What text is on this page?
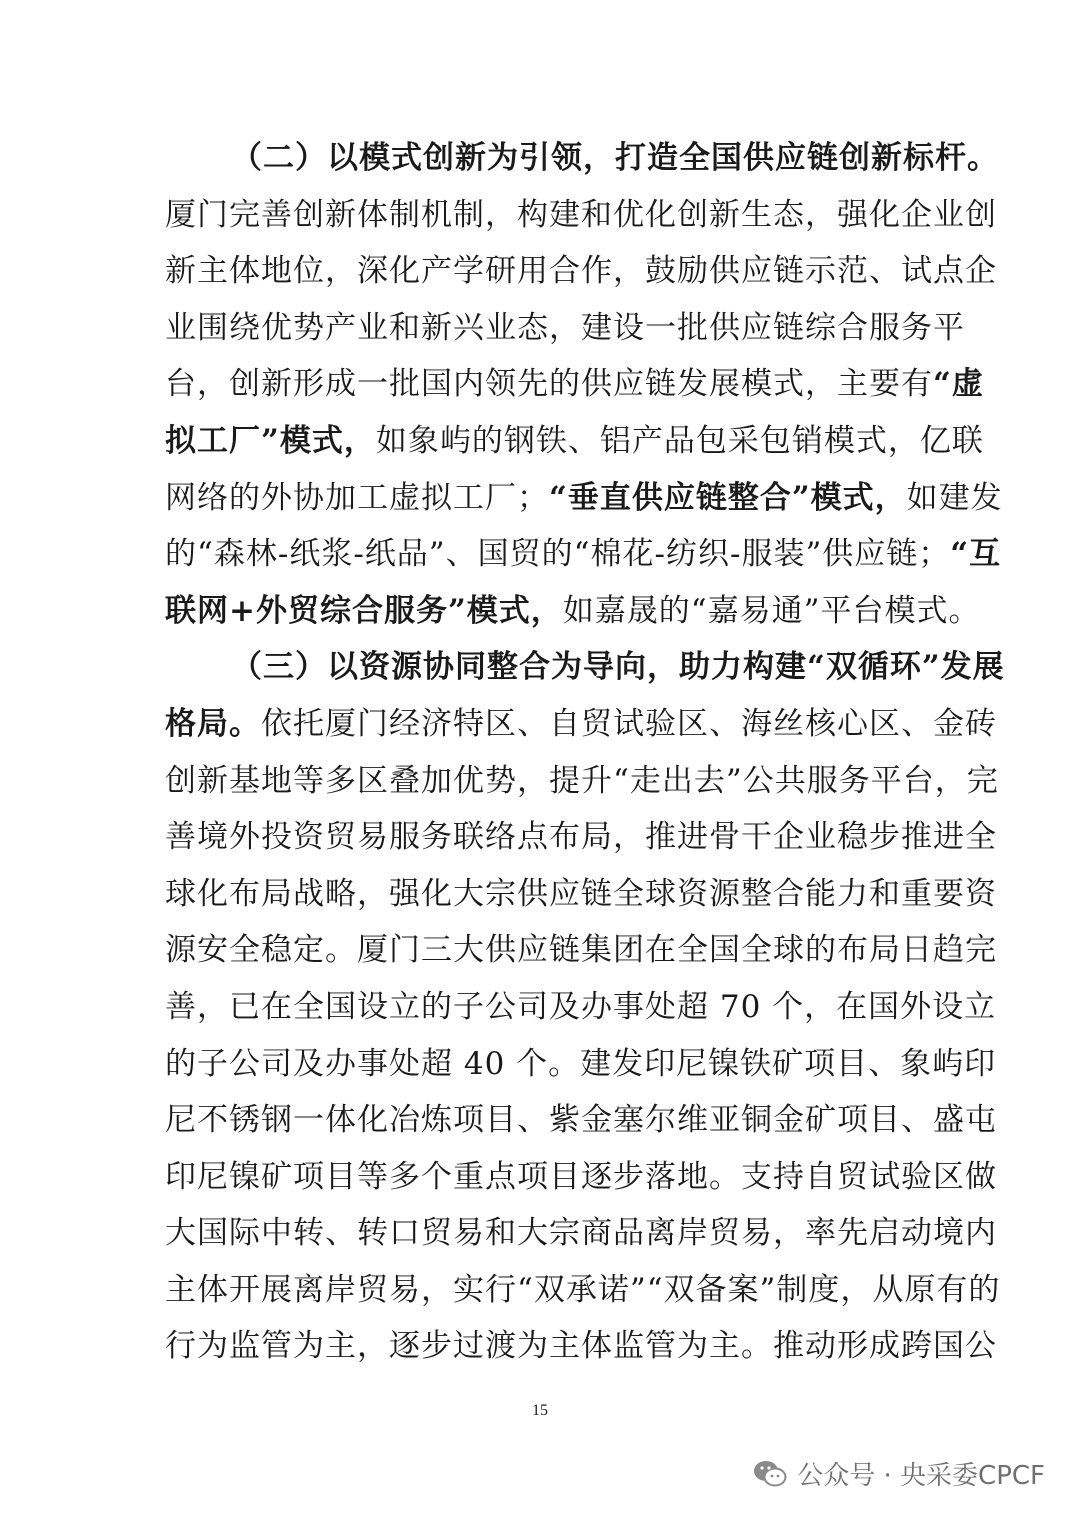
（二）以模式创新为引领，打造全国供应链创新标杆。
厦门完善创新体制机制，构建和优化创新生态，强化企业创
新主体地位，深化产学研用合作，鼓励供应链示范、试点企
业围绕优势产业和新兴业态，建设一批供应链综合服务平
台，创新形成一批国内领先的供应链发展模式，主要有“虚
拟工厂”模式，如象屿的钢铁、铝产品包采包销模式，亿联
网络的外协加工虚拟工厂；“垂直供应链整合”模式，如建发
的“森林-纸浆-纸品”、国贸的“棉花-纺织-服装”供应链；“互
联网+外贸综合服务”模式，如嘉晟的“嘉易通”平台模式。
（三）以资源协同整合为导向，助力构建“双循环”发展
格局。依托厦门经济特区、自贸试验区、海丝核心区、金砖
创新基地等多区叠加优势，提升“走出去”公共服务平台，完
善境外投资贸易服务联络点布局，推进骨干企业稳步推进全
球化布局战略，强化大宗供应链全球资源整合能力和重要资
源安全稳定。厦门三大供应链集团在全国全球的布局日趋完
善，已在全国设立的子公司及办事处超 70 个，在国外设立
的子公司及办事处超 40 个。建发印尼镍铁矿项目、象屿印
尼不锈钢一体化冶炼项目、紫金塞尔维亚铜金矿项目、盛屯
印尼镍矿项目等多个重点项目逐步落地。支持自贸试验区做
大国际中转、转口贸易和大宗商品离岸贸易，率先启动境内
主体开展离岸贸易，实行“双承诺”“双备案”制度，从原有的
行为监管为主，逐步过渡为主体监管为主。推动形成跨国公
15
公众号 · 央采委CPCF
